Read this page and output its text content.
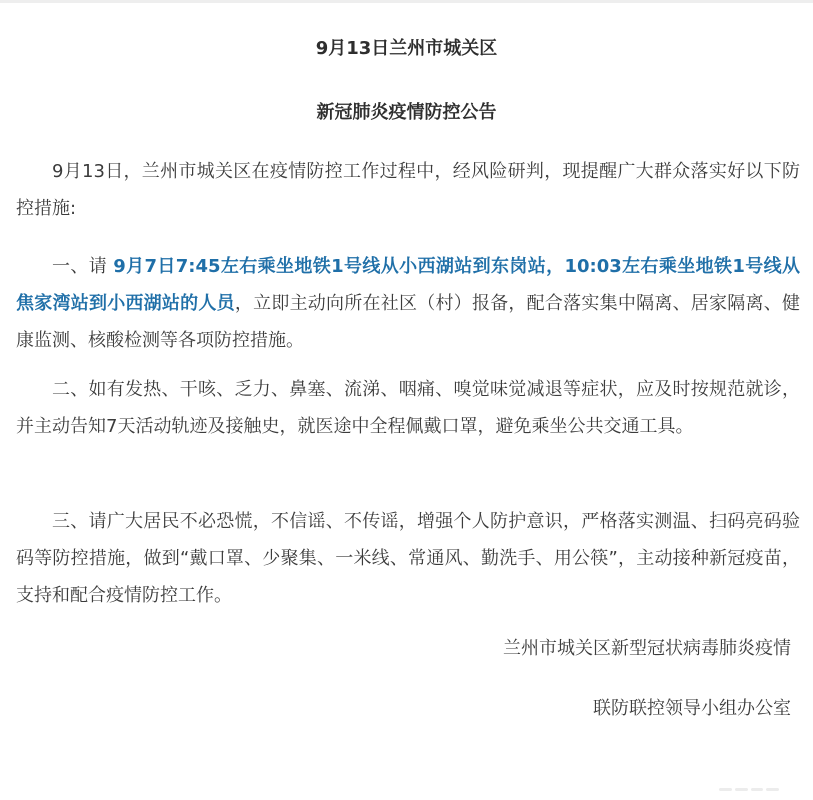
9月13日兰州市城关区
新冠肺炎疫情防控公告

9月13日，兰州市城关区在疫情防控工作过程中，经风险研判，现提醒广大群众落实好以下防控措施:

一、请 9月7日7:45左右乘坐地铁1号线从小西湖站到东岗站，10:03左右乘坐地铁1号线从焦家湾站到小西湖站的人员，立即主动向所在社区（村）报备，配合落实集中隔离、居家隔离、健康监测、核酸检测等各项防控措施。

二、如有发热、干咳、乏力、鼻塞、流涕、咽痛、嗅觉味觉减退等症状，应及时按规范就诊，并主动告知7天活动轨迹及接触史，就医途中全程佩戴口罩，避免乘坐公共交通工具。

三、请广大居民不必恐慌，不信谣、不传谣，增强个人防护意识，严格落实测温、扫码亮码验码等防控措施，做到“戴口罩、少聚集、一米线、常通风、勤洗手、用公筷”，主动接种新冠疫苗，支持和配合疫情防控工作。

兰州市城关区新型冠状病毒肺炎疫情
联防联控领导小组办公室
